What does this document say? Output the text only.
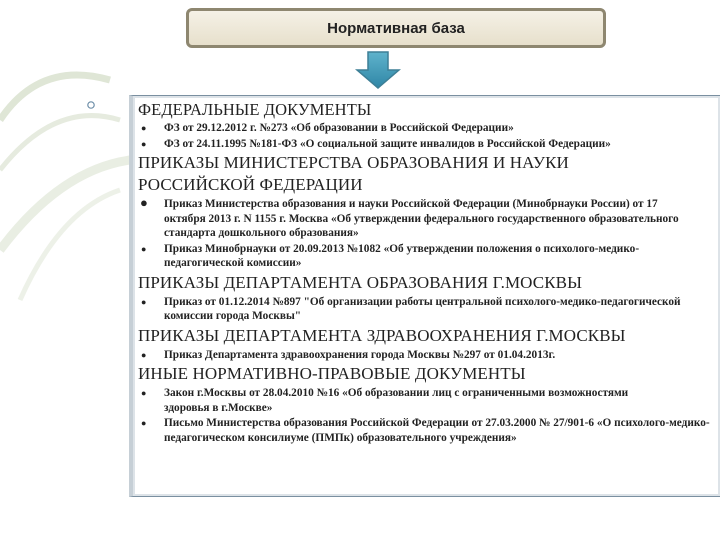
Нормативная база
ФЕДЕРАЛЬНЫЕ ДОКУМЕНТЫ
● ФЗ от 29.12.2012 г. №273 «Об образовании в Российской Федерации»
● ФЗ от 24.11.1995 №181-ФЗ «О социальной защите инвалидов в Российской Федерации»
ПРИКАЗЫ МИНИСТЕРСТВА ОБРАЗОВАНИЯ И НАУКИ РОССИЙСКОЙ ФЕДЕРАЦИИ
● Приказ Министерства образования и науки Российской Федерации (Минобрнауки России) от 17 октября 2013 г. N 1155 г. Москва «Об утверждении федерального государственного образовательного стандарта дошкольного образования»
● Приказ Минобрнауки от 20.09.2013 №1082 «Об утверждении положения о психолого-медико-педагогической комиссии»
ПРИКАЗЫ ДЕПАРТАМЕНТА ОБРАЗОВАНИЯ Г.МОСКВЫ
● Приказ от 01.12.2014 №897 "Об организации работы центральной психолого-медико-педагогической комиссии города Москвы"
ПРИКАЗЫ ДЕПАРТАМЕНТА ЗДРАВООХРАНЕНИЯ Г.МОСКВЫ
● Приказ Департамента здравоохранения города Москвы №297 от 01.04.2013г.
ИНЫЕ НОРМАТИВНО-ПРАВОВЫЕ ДОКУМЕНТЫ
● Закон г.Москвы от 28.04.2010 №16 «Об образовании лиц с ограниченными возможностями здоровья в г.Москве»
● Письмо Министерства образования Российской Федерации от 27.03.2000 № 27/901-6 «О психолого-медико-педагогическом консилиуме (ПМПк) образовательного учреждения»
